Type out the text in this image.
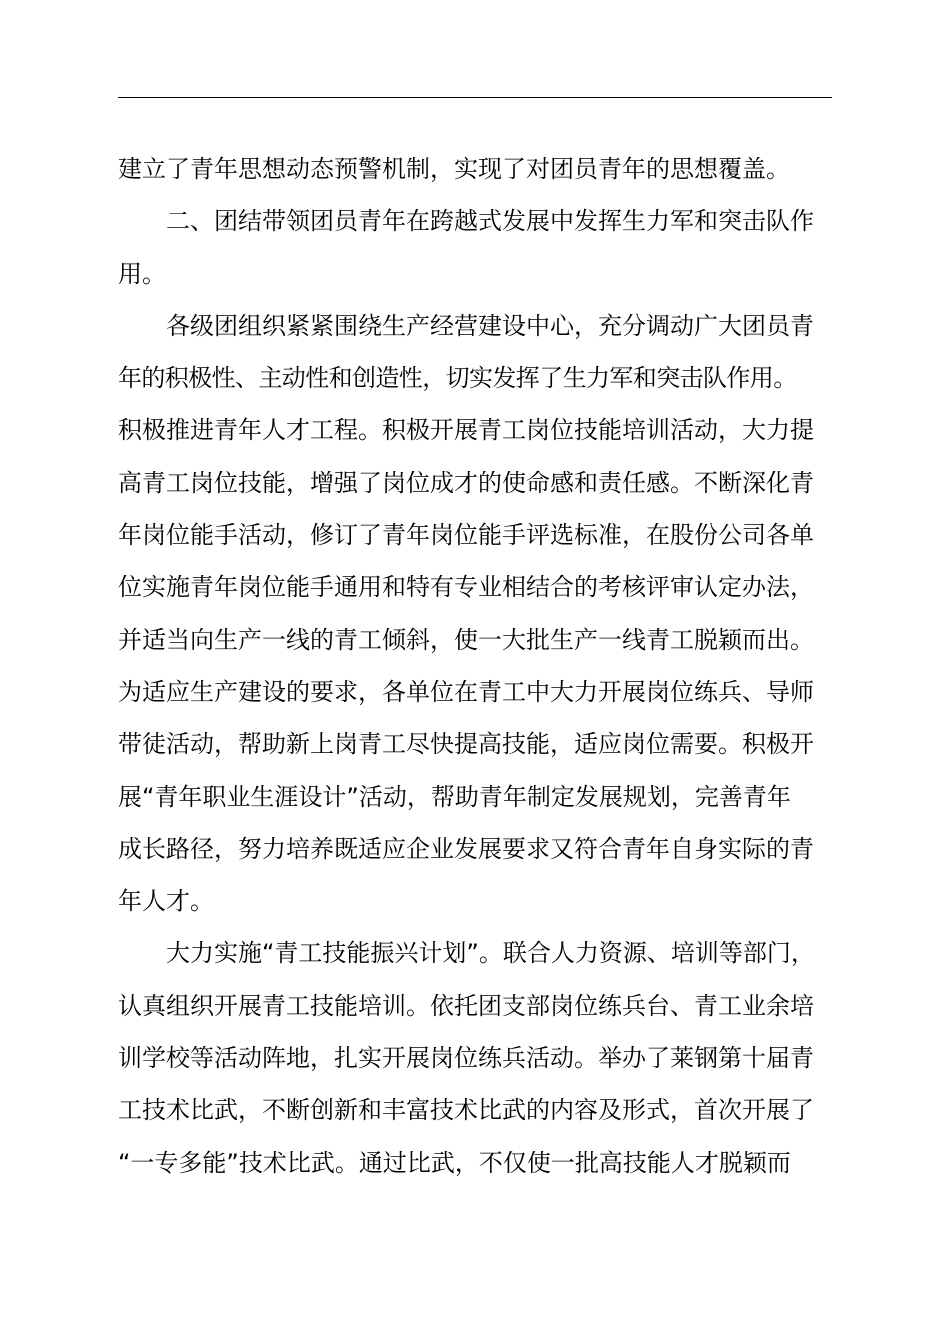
建立了青年思想动态预警机制，实现了对团员青年的思想覆盖。
二、团结带领团员青年在跨越式发展中发挥生力军和突击队作
用。
各级团组织紧紧围绕生产经营建设中心，充分调动广大团员青
年的积极性、主动性和创造性，切实发挥了生力军和突击队作用。
积极推进青年人才工程。积极开展青工岗位技能培训活动，大力提
高青工岗位技能，增强了岗位成才的使命感和责任感。不断深化青
年岗位能手活动，修订了青年岗位能手评选标准，在股份公司各单
位实施青年岗位能手通用和特有专业相结合的考核评审认定办法，
并适当向生产一线的青工倾斜，使一大批生产一线青工脱颖而出。
为适应生产建设的要求，各单位在青工中大力开展岗位练兵、导师
带徒活动，帮助新上岗青工尽快提高技能，适应岗位需要。积极开
展“青年职业生涯设计”活动，帮助青年制定发展规划，完善青年
成长路径，努力培养既适应企业发展要求又符合青年自身实际的青
年人才。
大力实施“青工技能振兴计划”。联合人力资源、培训等部门，
认真组织开展青工技能培训。依托团支部岗位练兵台、青工业余培
训学校等活动阵地，扎实开展岗位练兵活动。举办了莱钢第十届青
工技术比武，不断创新和丰富技术比武的内容及形式，首次开展了
“一专多能”技术比武。通过比武，不仅使一批高技能人才脱颖而
